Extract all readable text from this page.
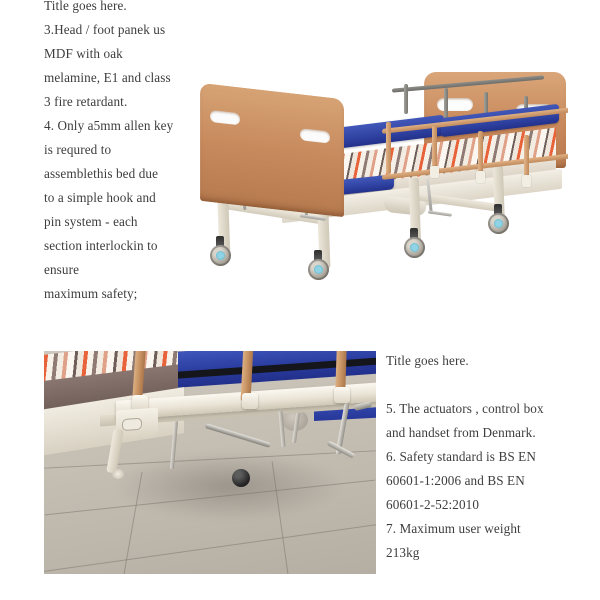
Title goes here.
3.Head / foot panek us
MDF with oak
melamine, E1 and class
3 fire retardant.
4. Only a5mm allen key
is requred to
assemblethis bed due
to a simple hook and
pin system - each
section interlockin to
ensure
maximum safety;
Title goes here.
5. The actuators , control box
and handset from Denmark.
6. Safety standard is BS EN
60601-1:2006 and BS EN
60601-2-52:2010
7. Maximum user weight
213kg
